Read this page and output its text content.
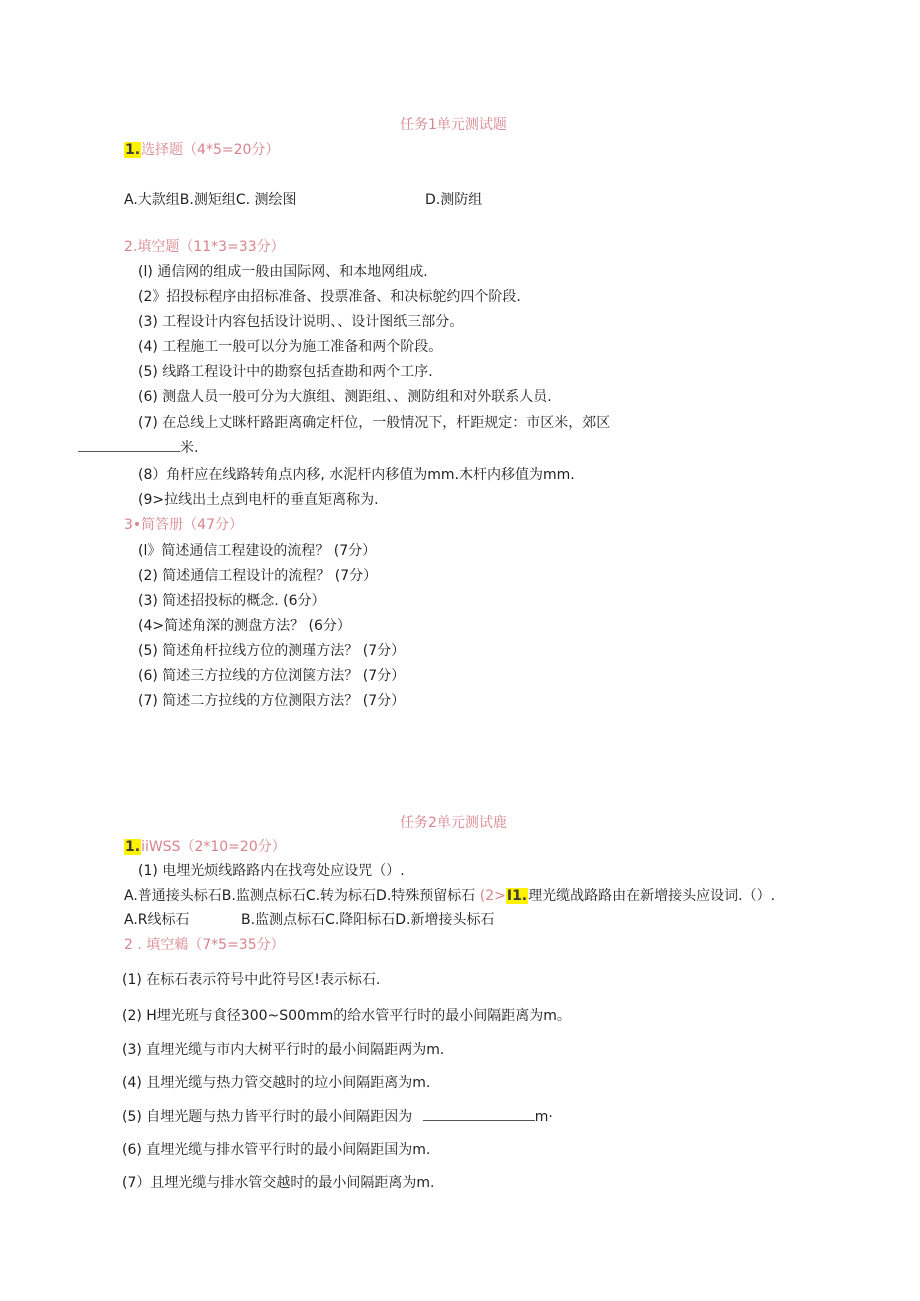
任务1单元测试题
1.选择题（4*5=20分）
A.大款组B.测矩组C. 测绘图	D.测防组
2.填空题（11*3=33分）
(l) 通信网的组成一般由国际网、和本地网组成.
(2》招投标程序由招标准备、投票准备、和决标鸵约四个阶段.
(3) 工程设计内容包括设计说明、、设计图纸三部分。
(4) 工程施工一般可以分为施工准备和两个阶段。
(5) 线路工程设计中的勘察包括查勘和两个工序.
(6) 测盘人员一般可分为大旗组、测距组、、测防组和对外联系人员.
(7) 在总线上丈眯杆路距离确定杆位，一般情况下，杆距规定：市区米，郊区
米.
(8）角杆应在线路转角点内移, 水泥杆内移值为mm.木杆内移值为mm.
(9>拉线出土点到电杆的垂直矩离称为.
3•简答册（47分）
(l》简述通信工程建设的流程？ (7分）
(2) 简述通信工程设计的流程？ (7分）
(3) 简述招投标的概念. (6分）
(4>简述角深的测盘方法？ (6分）
(5) 简述角杆拉线方位的测瑾方法？ (7分）
(6) 简述三方拉线的方位浏箧方法？ (7分）
(7) 简述二方拉线的方位测限方法？ (7分）
任务2单元测试鹿
1.iiWSS（2*10=20分）
(1) 电埋光烦线路路内在找弯处应设咒（）.
A.普通接头标石B.监测点标石C.转为标石D.特殊预留标石 (2>I1.理光缆战路路由在新增接头应设词.（）.
A.R线标石	B.监测点标石C.降阳标石D.新增接头标石
2 . 填空鶆（7*5=35分）
(1) 在标石表示符号中此符号区!表示标石.
(2) H埋光班与食径300~S00mm的给水管平行时的最小间隔距离为m。
(3) 直埋光缆与市内大树平行时的最小间隔距两为m.
(4) 且埋光缆与热力管交越时的垃小间隔距离为m.
(5) 自埋光题与热力皆平行时的最小间隔距因为	m·
(6) 直埋光缆与排水管平行时的最小间隔距国为m.
(7）且埋光缆与排水管交越时的最小间隔距离为m.
